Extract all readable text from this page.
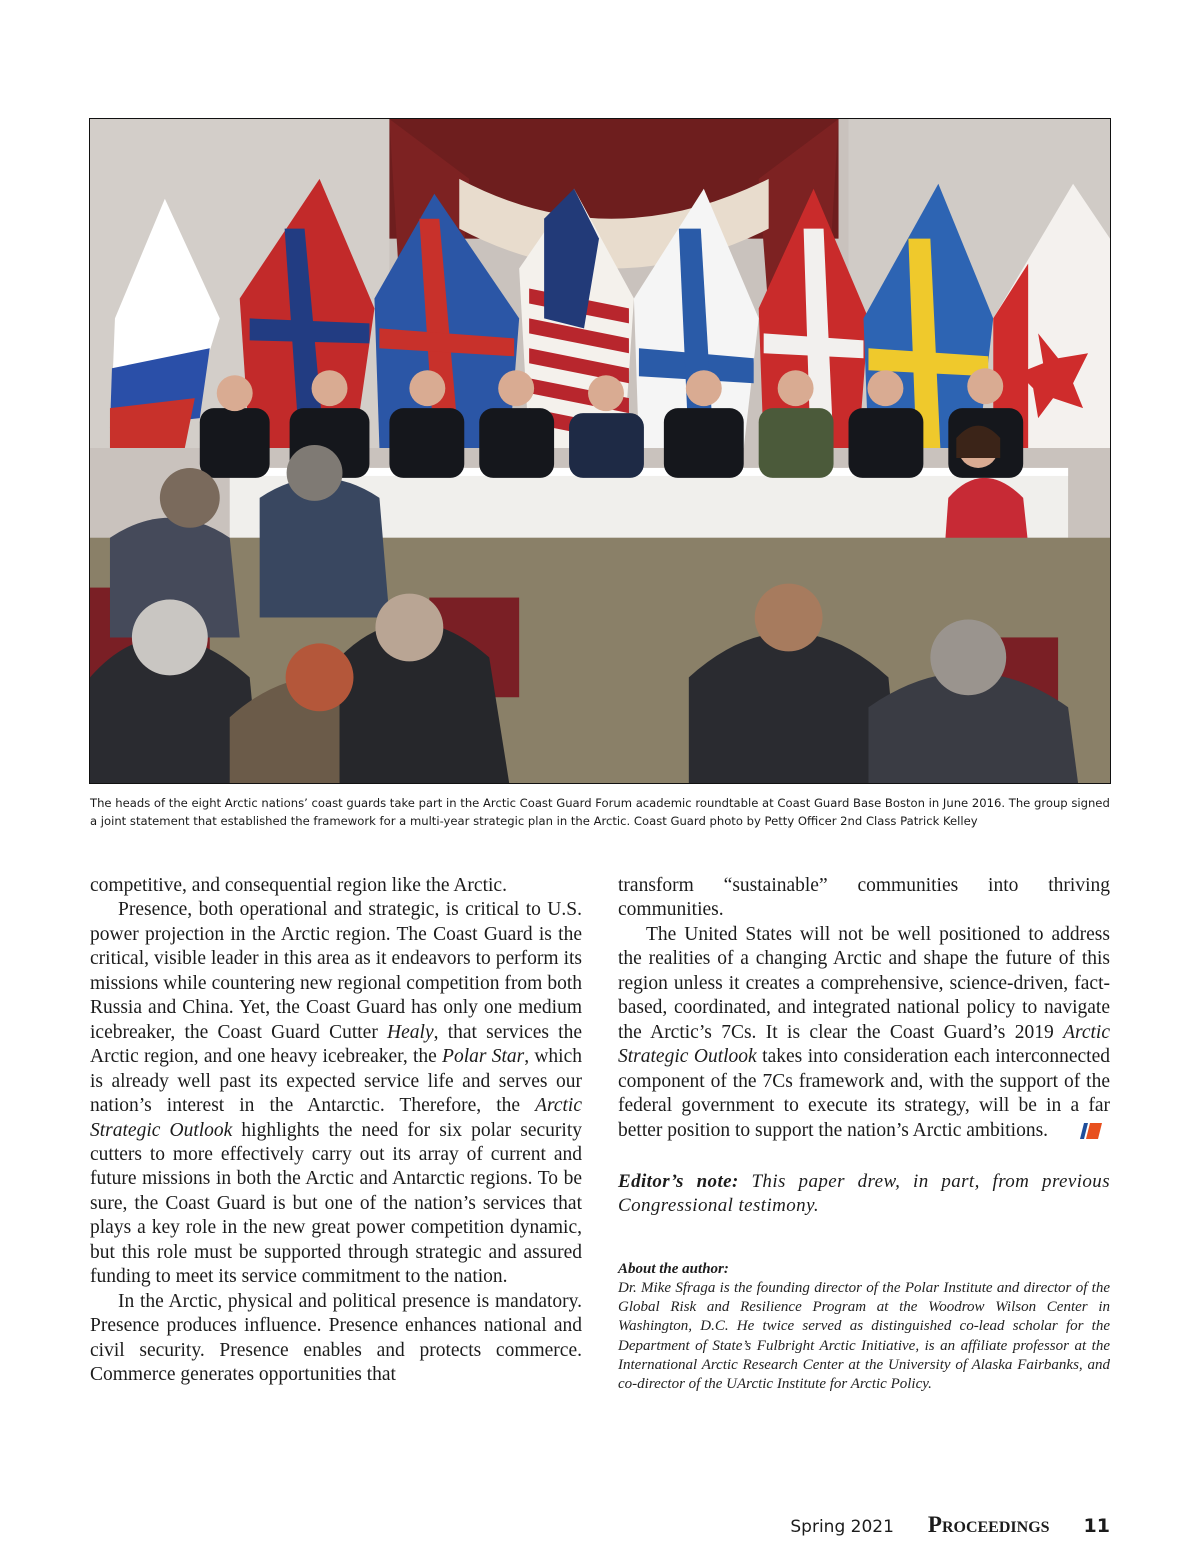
The heads of the eight Arctic nations’ coast guards take part in the Arctic Coast Guard Forum academic roundtable at Coast Guard Base Boston in June 2016. The group signed a joint statement that established the framework for a multi-year strategic plan in the Arctic. Coast Guard photo by Petty Officer 2nd Class Patrick Kelley

competitive, and consequential region like the Arctic.

Presence, both operational and strategic, is critical to U.S. power projection in the Arctic region. The Coast Guard is the critical, visible leader in this area as it endeavors to perform its missions while countering new regional competition from both Russia and China. Yet, the Coast Guard has only one medium icebreaker, the Coast Guard Cutter Healy, that services the Arctic region, and one heavy icebreaker, the Polar Star, which is already well past its expected service life and serves our nation’s interest in the Antarctic. Therefore, the Arctic Strategic Outlook highlights the need for six polar security cutters to more effectively carry out its array of current and future missions in both the Arctic and Antarctic regions. To be sure, the Coast Guard is but one of the nation’s services that plays a key role in the new great power competition dynamic, but this role must be supported through strategic and assured funding to meet its service commitment to the nation.

In the Arctic, physical and political presence is mandatory. Presence produces influence. Presence enhances national and civil security. Presence enables and protects commerce. Commerce generates opportunities that

transform “sustainable” communities into thriving communities.

The United States will not be well positioned to address the realities of a changing Arctic and shape the future of this region unless it creates a comprehensive, science-driven, fact-based, coordinated, and integrated national policy to navigate the Arctic’s 7Cs. It is clear the Coast Guard’s 2019 Arctic Strategic Outlook takes into consideration each interconnected component of the 7Cs framework and, with the support of the federal government to execute its strategy, will be in a far better position to support the nation’s Arctic ambitions.

Editor’s note: This paper drew, in part, from previous Congressional testimony.

About the author:

Dr. Mike Sfraga is the founding director of the Polar Institute and director of the Global Risk and Resilience Program at the Woodrow Wilson Center in Washington, D.C. He twice served as distinguished co-lead scholar for the Department of State’s Fulbright Arctic Initiative, is an affiliate professor at the International Arctic Research Center at the University of Alaska Fairbanks, and co-director of the UArctic Institute for Arctic Policy.

Spring 2021 Proceedings 11
